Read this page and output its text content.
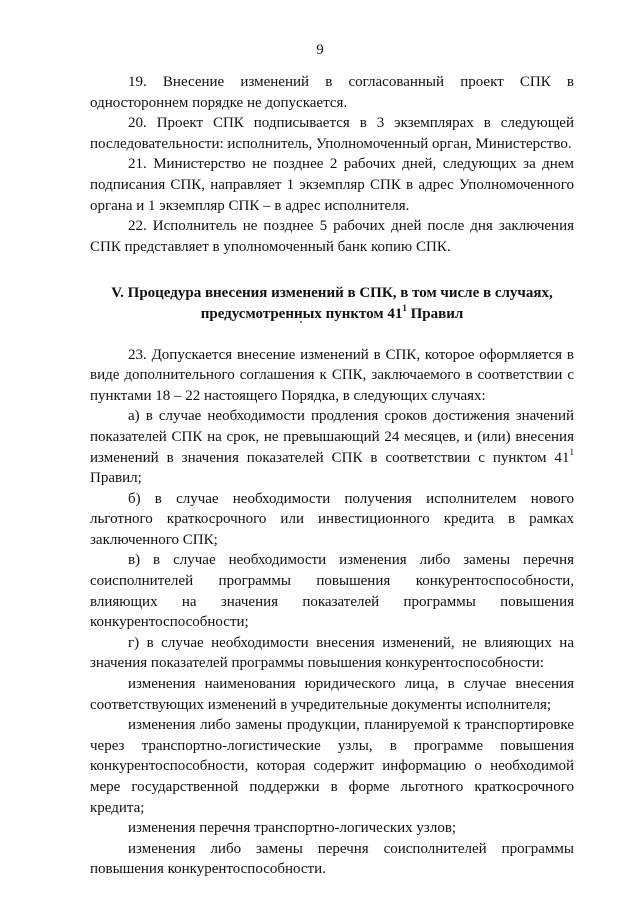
9

19. Внесение изменений в согласованный проект СПК в одностороннем порядке не допускается.

20. Проект СПК подписывается в 3 экземплярах в следующей последовательности: исполнитель, Уполномоченный орган, Министерство.

21. Министерство не позднее 2 рабочих дней, следующих за днем подписания СПК, направляет 1 экземпляр СПК в адрес Уполномоченного органа и 1 экземпляр СПК – в адрес исполнителя.

22. Исполнитель не позднее 5 рабочих дней после дня заключения СПК представляет в уполномоченный банк копию СПК.

V. Процедура внесения изменений в СПК, в том числе в случаях,
предусмотренных пунктом $41^1$ Правил

23. Допускается внесение изменений в СПК, которое оформляется в виде дополнительного соглашения к СПК, заключаемого в соответствии с пунктами 18 – 22 настоящего Порядка, в следующих случаях:

а) в случае необходимости продления сроков достижения значений показателей СПК на срок, не превышающий 24 месяцев, и (или) внесения изменений в значения показателей СПК в соответствии с пунктом $41^1$ Правил;

б) в случае необходимости получения исполнителем нового льготного краткосрочного или инвестиционного кредита в рамках заключенного СПК;

в) в случае необходимости изменения либо замены перечня соисполнителей программы повышения конкурентоспособности, влияющих на значения показателей программы повышения конкурентоспособности;

г) в случае необходимости внесения изменений, не влияющих на значения показателей программы повышения конкурентоспособности:

изменения наименования юридического лица, в случае внесения соответствующих изменений в учредительные документы исполнителя;

изменения либо замены продукции, планируемой к транспортировке через транспортно-логистические узлы, в программе повышения конкурентоспособности, которая содержит информацию о необходимой мере государственной поддержки в форме льготного краткосрочного кредита;

изменения перечня транспортно-логических узлов;

изменения либо замены перечня соисполнителей программы повышения конкурентоспособности.
